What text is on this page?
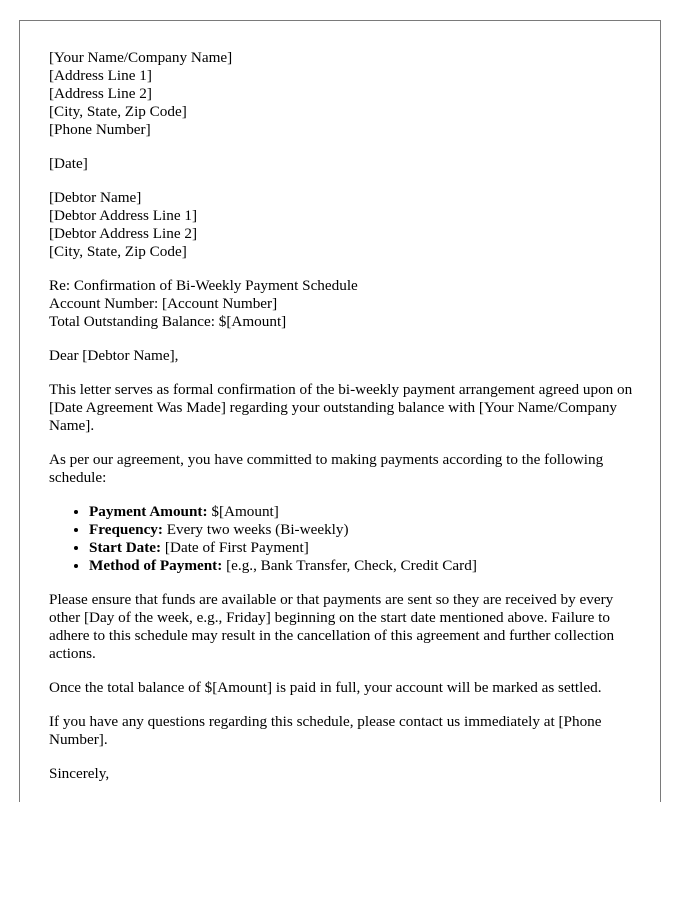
[Your Name/Company Name]
[Address Line 1]
[Address Line 2]
[City, State, Zip Code]
[Phone Number]
[Date]
[Debtor Name]
[Debtor Address Line 1]
[Debtor Address Line 2]
[City, State, Zip Code]
Re: Confirmation of Bi-Weekly Payment Schedule
Account Number: [Account Number]
Total Outstanding Balance: $[Amount]

Dear [Debtor Name],

This letter serves as formal confirmation of the bi-weekly payment arrangement agreed upon on [Date Agreement Was Made] regarding your outstanding balance with [Your Name/Company Name].

As per our agreement, you have committed to making payments according to the following schedule:

• Payment Amount: $[Amount]
• Frequency: Every two weeks (Bi-weekly)
• Start Date: [Date of First Payment]
• Method of Payment: [e.g., Bank Transfer, Check, Credit Card]

Please ensure that funds are available or that payments are sent so they are received by every other [Day of the week, e.g., Friday] beginning on the start date mentioned above. Failure to adhere to this schedule may result in the cancellation of this agreement and further collection actions.

Once the total balance of $[Amount] is paid in full, your account will be marked as settled.

If you have any questions regarding this schedule, please contact us immediately at [Phone Number].

Sincerely,
